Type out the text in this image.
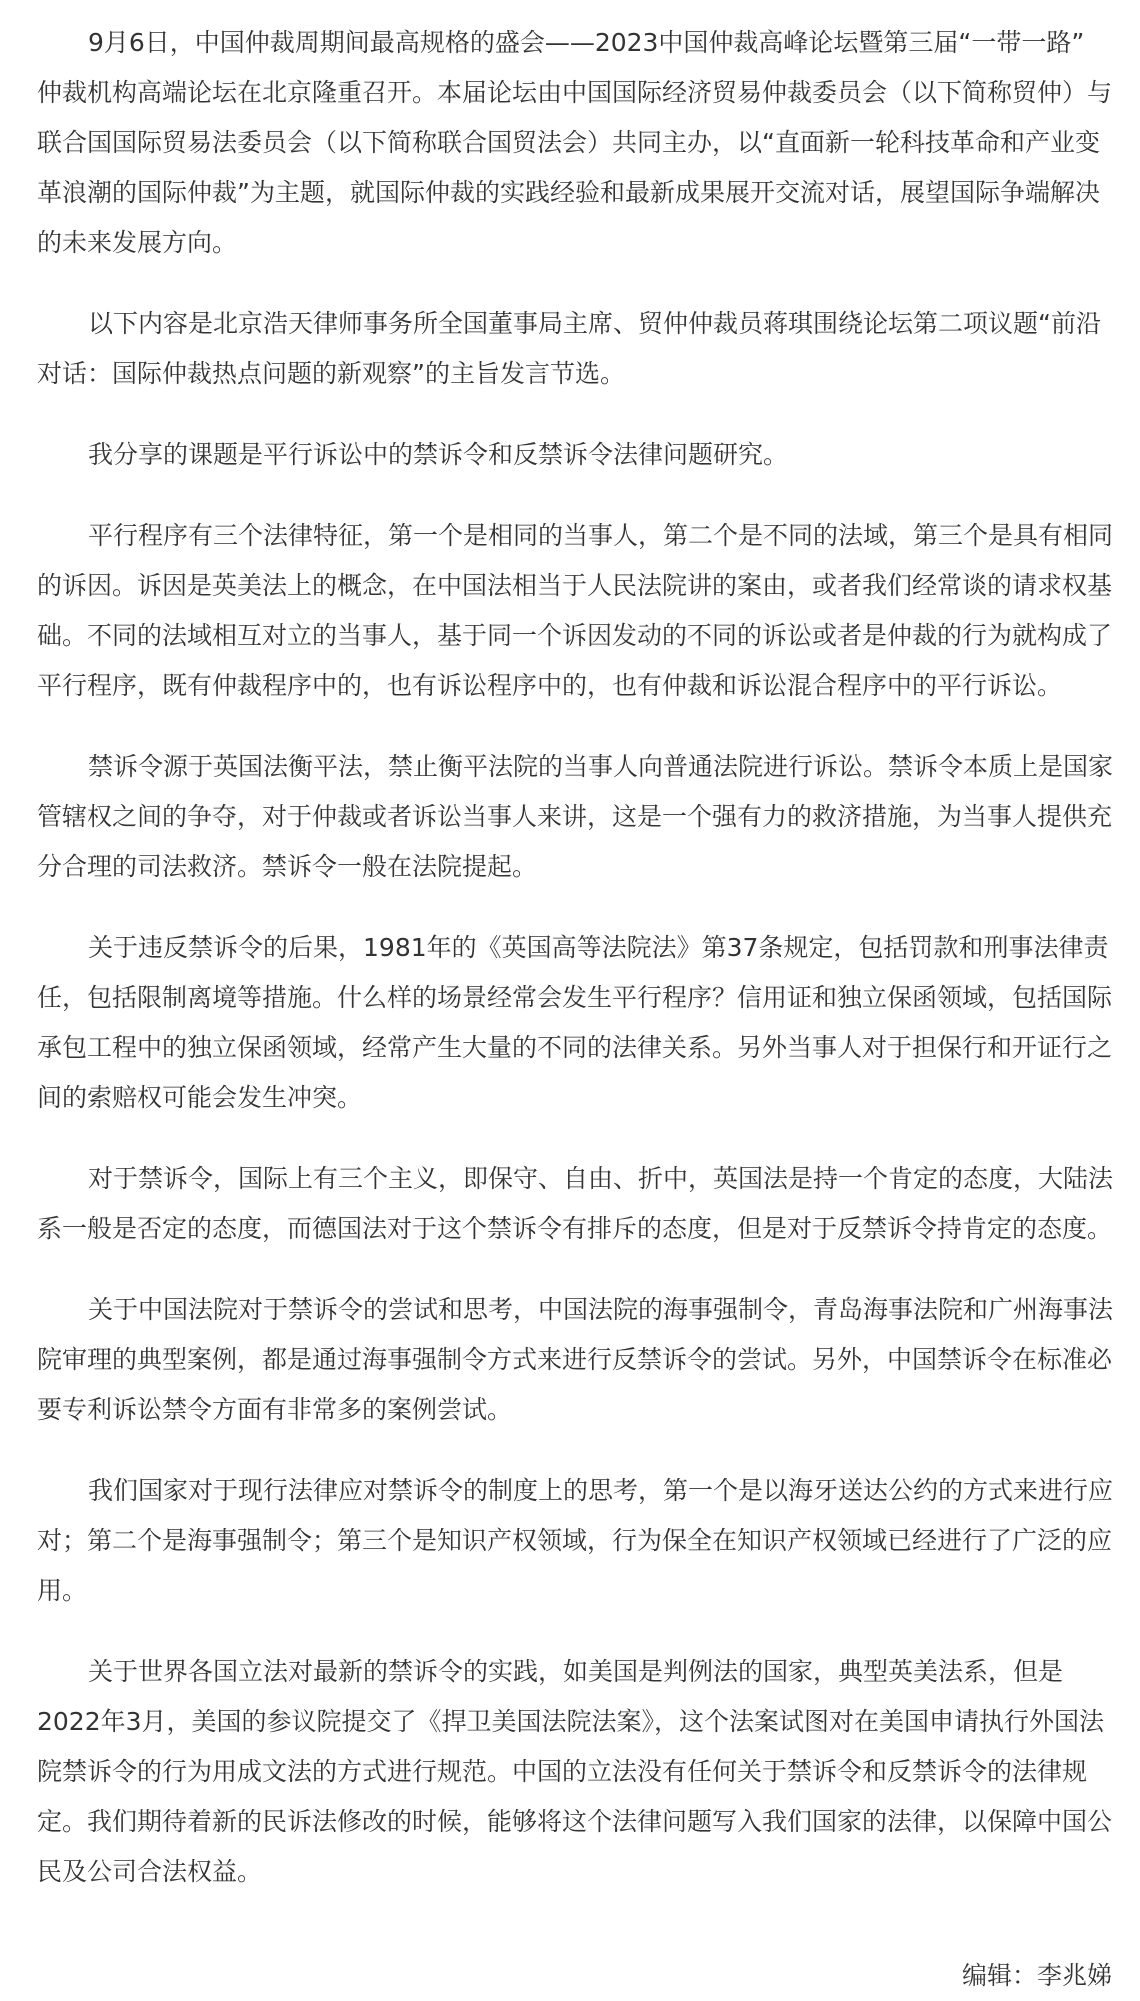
9月6日，中国仲裁周期间最高规格的盛会——2023中国仲裁高峰论坛暨第三届“一带一路”
仲裁机构高端论坛在北京隆重召开。本届论坛由中国国际经济贸易仲裁委员会（以下简称贸仲）与
联合国国际贸易法委员会（以下简称联合国贸法会）共同主办，以“直面新一轮科技革命和产业变
革浪潮的国际仲裁”为主题，就国际仲裁的实践经验和最新成果展开交流对话，展望国际争端解决
的未来发展方向。

以下内容是北京浩天律师事务所全国董事局主席、贸仲仲裁员蒋琪围绕论坛第二项议题“前沿
对话：国际仲裁热点问题的新观察”的主旨发言节选。

我分享的课题是平行诉讼中的禁诉令和反禁诉令法律问题研究。

平行程序有三个法律特征，第一个是相同的当事人，第二个是不同的法域，第三个是具有相同
的诉因。诉因是英美法上的概念，在中国法相当于人民法院讲的案由，或者我们经常谈的请求权基
础。不同的法域相互对立的当事人，基于同一个诉因发动的不同的诉讼或者是仲裁的行为就构成了
平行程序，既有仲裁程序中的，也有诉讼程序中的，也有仲裁和诉讼混合程序中的平行诉讼。

禁诉令源于英国法衡平法，禁止衡平法院的当事人向普通法院进行诉讼。禁诉令本质上是国家
管辖权之间的争夺，对于仲裁或者诉讼当事人来讲，这是一个强有力的救济措施，为当事人提供充
分合理的司法救济。禁诉令一般在法院提起。

关于违反禁诉令的后果，1981年的《英国高等法院法》第37条规定，包括罚款和刑事法律责
任，包括限制离境等措施。什么样的场景经常会发生平行程序？信用证和独立保函领域，包括国际
承包工程中的独立保函领域，经常产生大量的不同的法律关系。另外当事人对于担保行和开证行之
间的索赔权可能会发生冲突。

对于禁诉令，国际上有三个主义，即保守、自由、折中，英国法是持一个肯定的态度，大陆法
系一般是否定的态度，而德国法对于这个禁诉令有排斥的态度，但是对于反禁诉令持肯定的态度。

关于中国法院对于禁诉令的尝试和思考，中国法院的海事强制令，青岛海事法院和广州海事法
院审理的典型案例，都是通过海事强制令方式来进行反禁诉令的尝试。另外，中国禁诉令在标准必
要专利诉讼禁令方面有非常多的案例尝试。

我们国家对于现行法律应对禁诉令的制度上的思考，第一个是以海牙送达公约的方式来进行应
对；第二个是海事强制令；第三个是知识产权领域，行为保全在知识产权领域已经进行了广泛的应
用。

关于世界各国立法对最新的禁诉令的实践，如美国是判例法的国家，典型英美法系，但是
2022年3月，美国的参议院提交了《捍卫美国法院法案》，这个法案试图对在美国申请执行外国法
院禁诉令的行为用成文法的方式进行规范。中国的立法没有任何关于禁诉令和反禁诉令的法律规
定。我们期待着新的民诉法修改的时候，能够将这个法律问题写入我们国家的法律，以保障中国公
民及公司合法权益。

编辑：李兆娣
